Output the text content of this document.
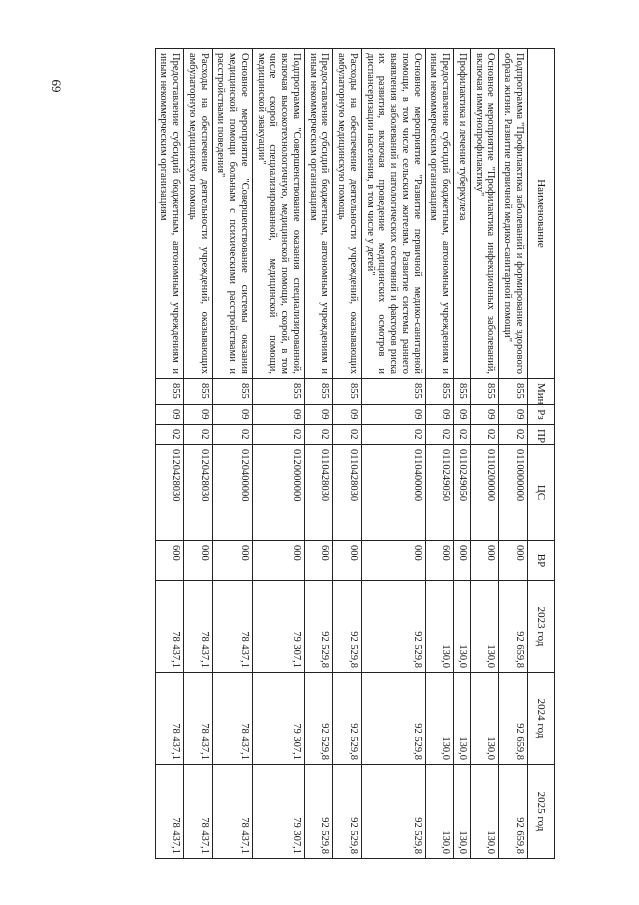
69
Наименование	Мин	Рз	ПР	ЦС	ВР	2023 год	2024 год	2025 год
Подпрограмма "Профилактика заболеваний и формирование здорового образа жизни. Развитие первичной медико-санитарной помощи"	855	09	02	0110000000	000	92 659,8	92 659,8	92 659,8
Основное мероприятие "Профилактика инфекционных заболеваний, включая иммунопрофилактику"	855	09	02	0110200000	000	130,0	130,0	130,0
Профилактика и лечение туберкулеза	855	09	02	0110249050	000	130,0	130,0	130,0
Предоставление субсидий бюджетным, автономным учреждениям и иным некоммерческим организациям	855	09	02	0110249050	600	130,0	130,0	130,0
Основное мероприятие "Развитие первичной медико-санитарной помощи, в том числе сельским жителям. Развитие системы раннего выявления заболеваний и патологических состояний и факторов риска их развития, включая проведение медицинских осмотров и диспансеризации населения, в том числе у детей"	855	09	02	0110400000	000	92 529,8	92 529,8	92 529,8
Расходы на обеспечение деятельности учреждений, оказывающих амбулаторную медицинскую помощь	855	09	02	0110428030	000	92 529,8	92 529,8	92 529,8
Предоставление субсидий бюджетным, автономным учреждениям и иным некоммерческим организациям	855	09	02	0110428030	600	92 529,8	92 529,8	92 529,8
Подпрограмма "Совершенствование оказания специализированной, включая высокотехнологичную, медицинской помощи, скорой, в том числе скорой специализированной, медицинской помощи, медицинской эвакуации"	855	09	02	0120000000	000	79 307,1	79 307,1	79 307,1
Основное мероприятие "Совершенствование системы оказания медицинской помощи больным с психическими расстройствами и расстройствами поведения"	855	09	02	0120400000	000	78 437,1	78 437,1	78 437,1
Расходы на обеспечение деятельности учреждений, оказывающих амбулаторную медицинскую помощь	855	09	02	0120428030	000	78 437,1	78 437,1	78 437,1
Предоставление субсидий бюджетным, автономным учреждениям и иным некоммерческим организациям	855	09	02	0120428030	600	78 437,1	78 437,1	78 437,1
